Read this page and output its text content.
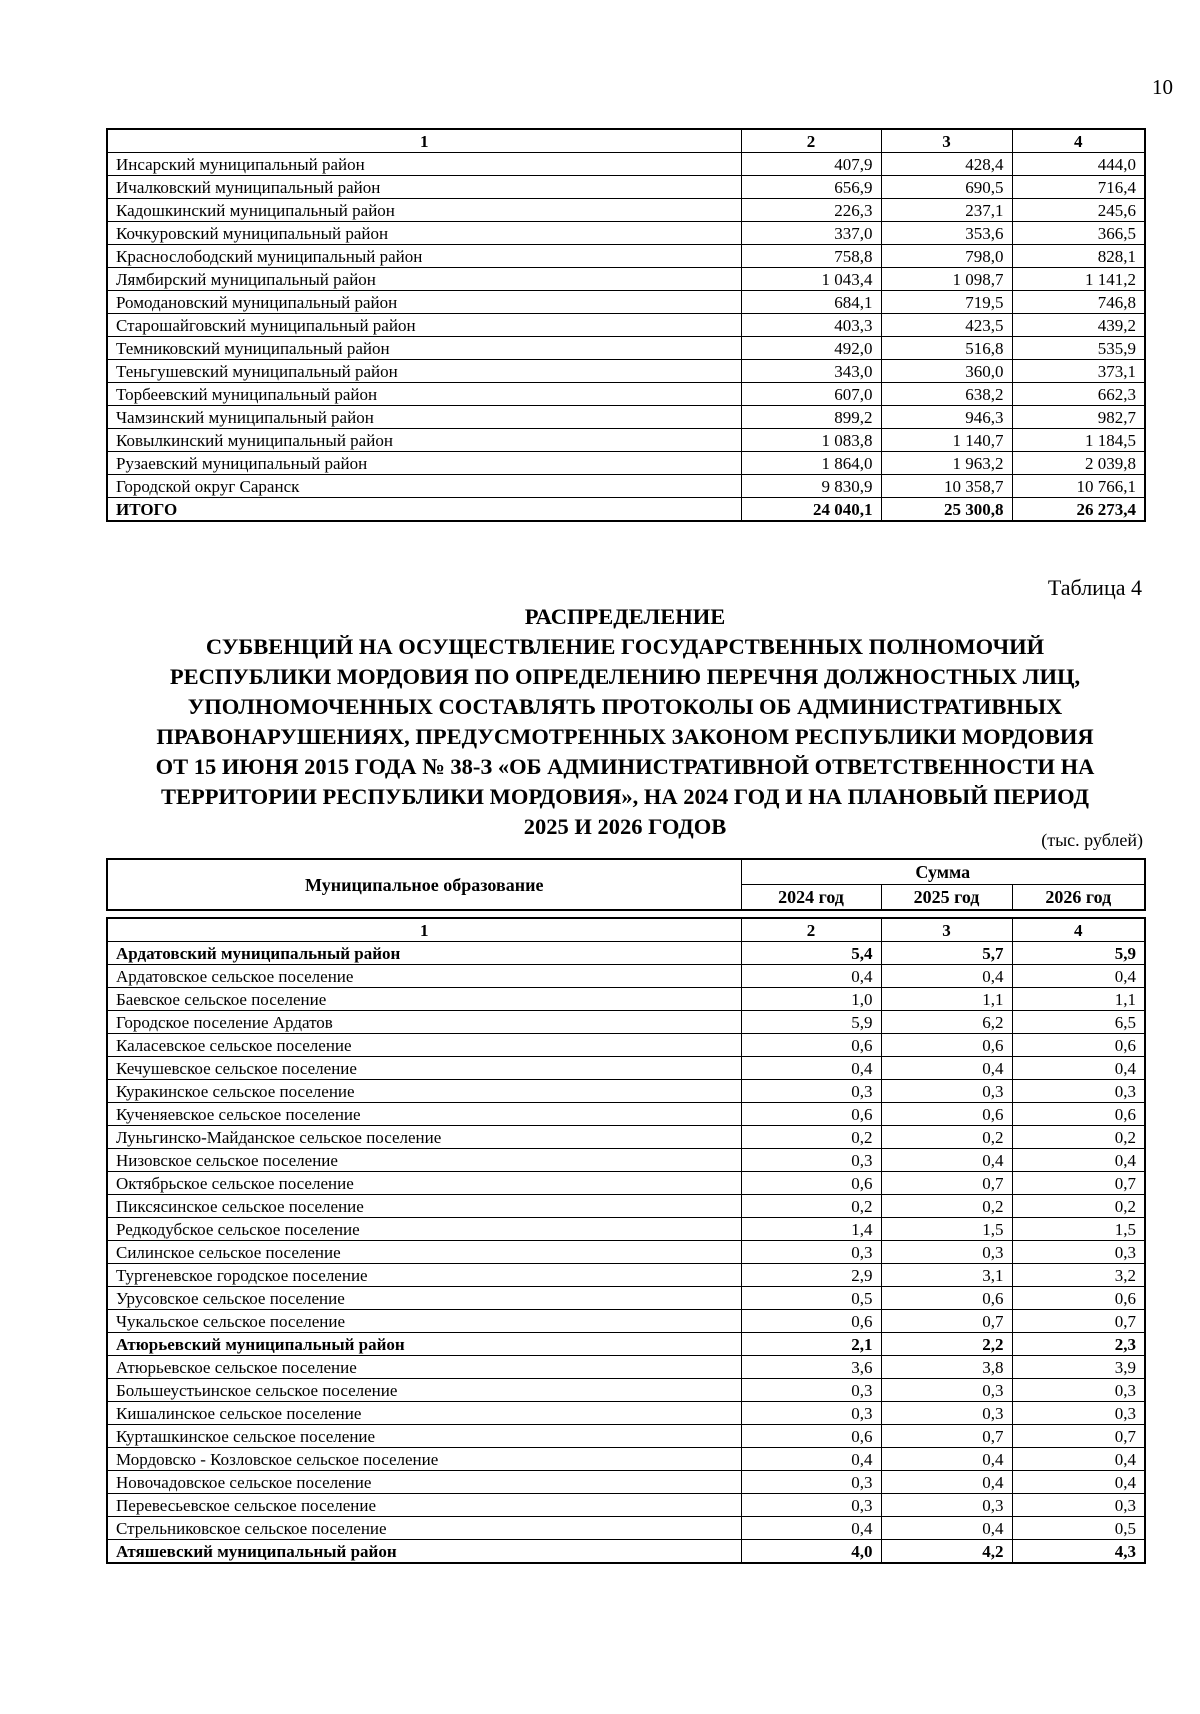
10
1	2	3	4
Инсарский муниципальный район	407,9	428,4	444,0
Ичалковский муниципальный район	656,9	690,5	716,4
Кадошкинский муниципальный район	226,3	237,1	245,6
Кочкуровский муниципальный район	337,0	353,6	366,5
Краснослободский муниципальный район	758,8	798,0	828,1
Лямбирский муниципальный район	1 043,4	1 098,7	1 141,2
Ромодановский муниципальный район	684,1	719,5	746,8
Старошайговский муниципальный район	403,3	423,5	439,2
Темниковский муниципальный район	492,0	516,8	535,9
Теньгушевский муниципальный район	343,0	360,0	373,1
Торбеевский муниципальный район	607,0	638,2	662,3
Чамзинский муниципальный район	899,2	946,3	982,7
Ковылкинский муниципальный район	1 083,8	1 140,7	1 184,5
Рузаевский муниципальный район	1 864,0	1 963,2	2 039,8
Городской округ Саранск	9 830,9	10 358,7	10 766,1
ИТОГО	24 040,1	25 300,8	26 273,4
Таблица 4
РАСПРЕДЕЛЕНИЕ
СУБВЕНЦИЙ НА ОСУЩЕСТВЛЕНИЕ ГОСУДАРСТВЕННЫХ ПОЛНОМОЧИЙ
РЕСПУБЛИКИ МОРДОВИЯ ПО ОПРЕДЕЛЕНИЮ ПЕРЕЧНЯ ДОЛЖНОСТНЫХ ЛИЦ,
УПОЛНОМОЧЕННЫХ СОСТАВЛЯТЬ ПРОТОКОЛЫ ОБ АДМИНИСТРАТИВНЫХ
ПРАВОНАРУШЕНИЯХ, ПРЕДУСМОТРЕННЫХ ЗАКОНОМ РЕСПУБЛИКИ МОРДОВИЯ
ОТ 15 ИЮНЯ 2015 ГОДА № 38-З «ОБ АДМИНИСТРАТИВНОЙ ОТВЕТСТВЕННОСТИ НА
ТЕРРИТОРИИ РЕСПУБЛИКИ МОРДОВИЯ», НА 2024 ГОД И НА ПЛАНОВЫЙ ПЕРИОД
2025 И 2026 ГОДОВ
(тыс. рублей)
Муниципальное образование	Сумма		
	2024 год	2025 год	2026 год
1	2	3	4
Ардатовский муниципальный район	5,4	5,7	5,9
Ардатовское сельское поселение	0,4	0,4	0,4
Баевское сельское поселение	1,0	1,1	1,1
Городское поселение Ардатов	5,9	6,2	6,5
Каласевское сельское поселение	0,6	0,6	0,6
Кечушевское сельское поселение	0,4	0,4	0,4
Куракинское сельское поселение	0,3	0,3	0,3
Кученяевское сельское поселение	0,6	0,6	0,6
Луньгинско-Майданское сельское поселение	0,2	0,2	0,2
Низовское сельское поселение	0,3	0,4	0,4
Октябрьское сельское поселение	0,6	0,7	0,7
Пиксясинское сельское поселение	0,2	0,2	0,2
Редкодубское сельское поселение	1,4	1,5	1,5
Силинское сельское поселение	0,3	0,3	0,3
Тургеневское городское поселение	2,9	3,1	3,2
Урусовское сельское поселение	0,5	0,6	0,6
Чукальское сельское поселение	0,6	0,7	0,7
Атюрьевский муниципальный район	2,1	2,2	2,3
Атюрьевское сельское поселение	3,6	3,8	3,9
Большеустьинское сельское поселение	0,3	0,3	0,3
Кишалинское сельское поселение	0,3	0,3	0,3
Курташкинское сельское поселение	0,6	0,7	0,7
Мордовско - Козловское сельское поселение	0,4	0,4	0,4
Новочадовское сельское поселение	0,3	0,4	0,4
Перевесьевское сельское поселение	0,3	0,3	0,3
Стрельниковское сельское поселение	0,4	0,4	0,5
Атяшевский муниципальный район	4,0	4,2	4,3
